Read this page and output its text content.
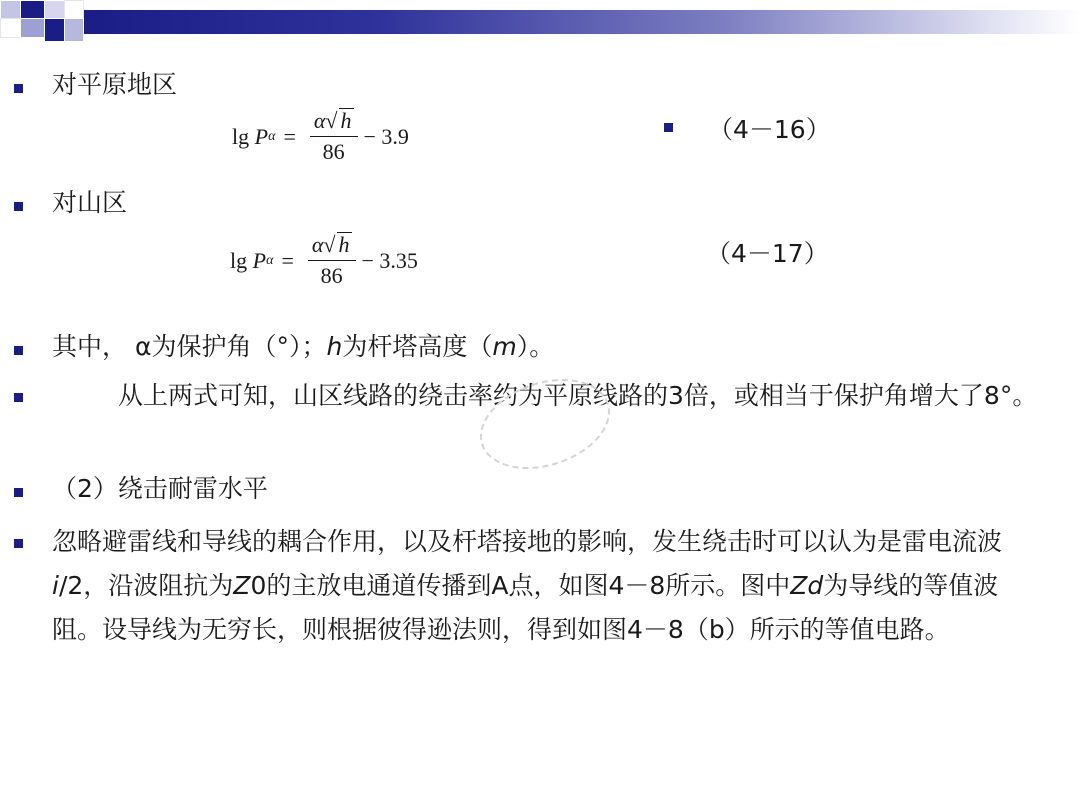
对平原地区
lg
P $\alpha = \frac{\alpha√ h}{86} - 3.9$	（4－16）
对山区
lg
P $\alpha = \frac{\alpha√ h}{86} - 3.35$	（4－17）
其中， α为保护角（°）；h为杆塔高度（m）。
从上两式可知，山区线路的绕击率约为平原线路的3倍，或相当于保护角增大了8°。
（2）绕击耐雷水平
忽略避雷线和导线的耦合作用，以及杆塔接地的影响，发生绕击时可以认为是雷电流波i/2，沿波阻抗为Z0的主放电通道传播到A点，如图4－8所示。图中Zd为导线的等值波阻。设导线为无穷长，则根据彼得逊法则，得到如图4－8（b）所示的等值电路。
